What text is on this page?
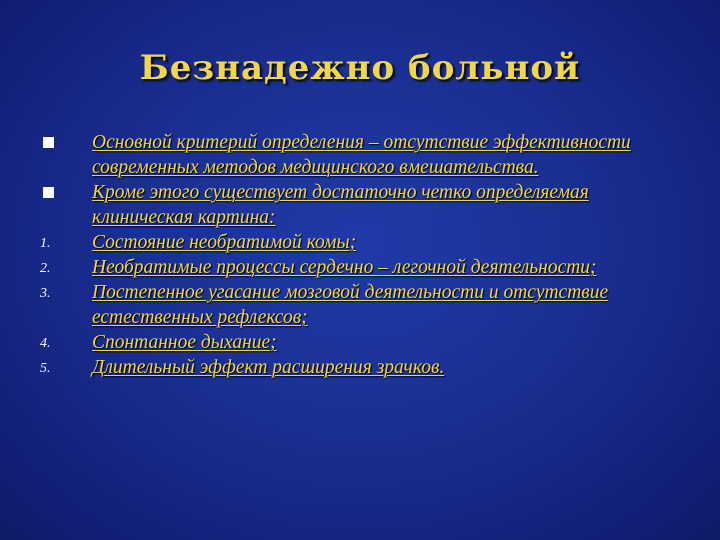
Безнадежно больной
Основной критерий определения – отсутствие эффективности современных методов медицинского вмешательства.
Кроме этого существует достаточно четко определяемая клиническая картина:
1.	Состояние необратимой комы;
2.	Необратимые процессы сердечно – легочной деятельности;
3.	Постепенное угасание мозговой деятельности и отсутствие естественных рефлексов;
4.	Спонтанное дыхание;
5.	Длительный эффект расширения зрачков.
